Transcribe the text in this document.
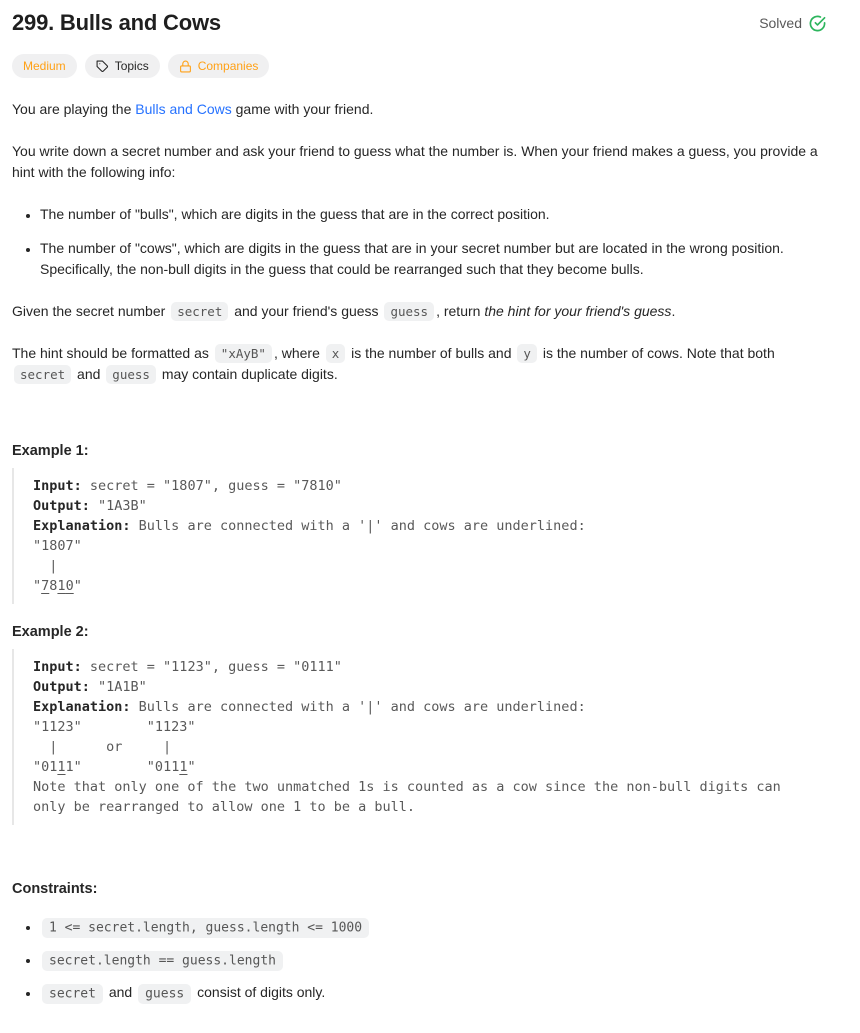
299. Bulls and Cows	Solved
Medium	Topics	Companies

You are playing the Bulls and Cows game with your friend.

You write down a secret number and ask your friend to guess what the number is. When your friend makes a guess, you provide a hint with the following info:

• The number of "bulls", which are digits in the guess that are in the correct position.
• The number of "cows", which are digits in the guess that are in your secret number but are located in the wrong position. Specifically, the non-bull digits in the guess that could be rearranged such that they become bulls.

Given the secret number secret and your friend's guess guess , return the hint for your friend's guess.

The hint should be formatted as "xAyB" , where x is the number of bulls and y is the number of cows. Note that both secret and guess may contain duplicate digits.

Example 1:
Input: secret = "1807", guess = "7810"
Output: "1A3B"
Explanation: Bulls are connected with a '|' and cows are underlined:
"1807"
|
"7810"
Example 2:
Input: secret = "1123", guess = "0111"
Output: "1A1B"
Explanation: Bulls are connected with a '|' and cows are underlined:
"1123"        "1123"
|      or     |
"0111"        "0111"
Note that only one of the two unmatched 1s is counted as a cow since the non-bull digits can
only be rearranged to allow one 1 to be a bull.
Constraints:
• 1 <= secret.length, guess.length <= 1000
• secret.length == guess.length
• secret and guess consist of digits only.
